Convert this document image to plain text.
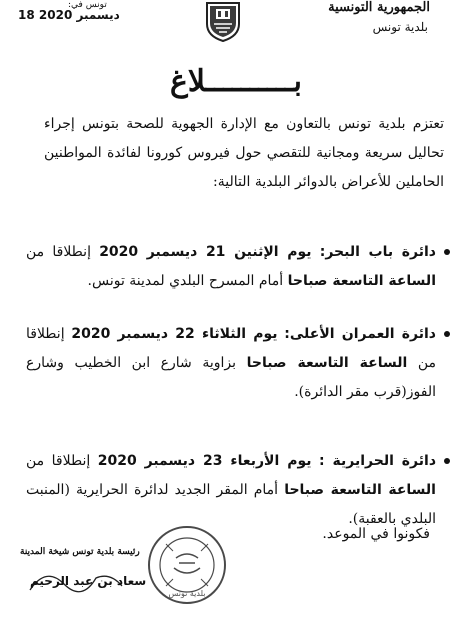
الجمهورية التونسية
بلدية تونس
تونس في:
18 ديسمبر 2020
بــــــــــلاغ
تعتزم بلدية تونس بالتعاون مع الإدارة الجهوية للصحة بتونس إجراء تحاليل سريعة ومجانية للتقصي حول فيروس كورونا لفائدة المواطنين الحاملين للأعراض بالدوائر البلدية التالية:
دائرة باب البحر: يوم الإثنين 21 ديسمبر 2020 إنطلاقا من الساعة التاسعة صباحا أمام المسرح البلدي لمدينة تونس.
دائرة العمران الأعلى: يوم الثلاثاء 22 ديسمبر 2020 إنطلاقا من الساعة التاسعة صباحا بزاوية شارع ابن الخطيب وشارع الفوز(قرب مقر الدائرة).
دائرة الحرايرية : يوم الأربعاء 23 ديسمبر 2020 إنطلاقا من الساعة التاسعة صباحا أمام المقر الجديد لدائرة الحرايرية (المنبت البلدي بالعقبة).
فكونوا في الموعد.
بلدية تونس
رئيسة بلدية تونس شيخة المدينة
سعاد بن عبد الرحيم
